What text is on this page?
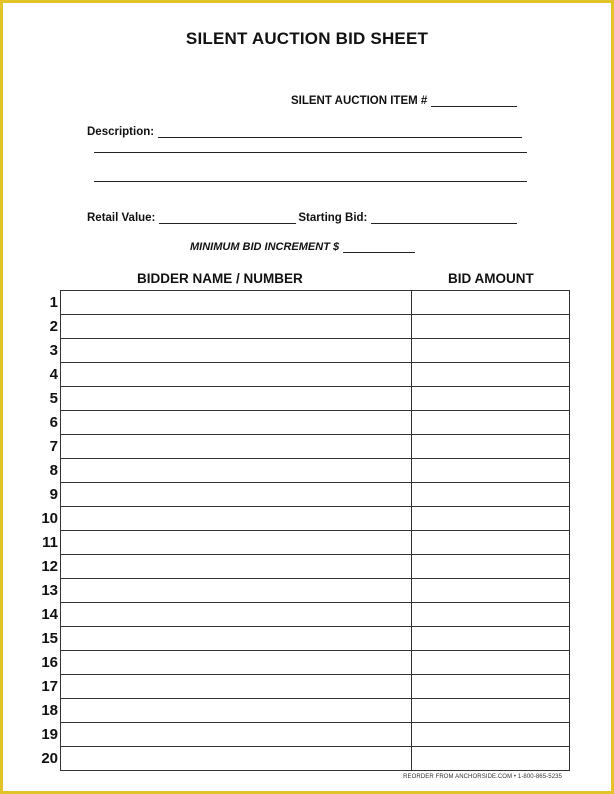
SILENT AUCTION BID SHEET
SILENT AUCTION ITEM #
Description:
Retail Value:	Starting Bid:
MINIMUM BID INCREMENT $
BIDDER NAME / NUMBER	BID AMOUNT
1
2
3
4
5
6
7
8
9
10
11
12
13
14
15
16
17
18
19
20

REORDER FROM ANCHORSIDE.COM • 1-800-865-5235
